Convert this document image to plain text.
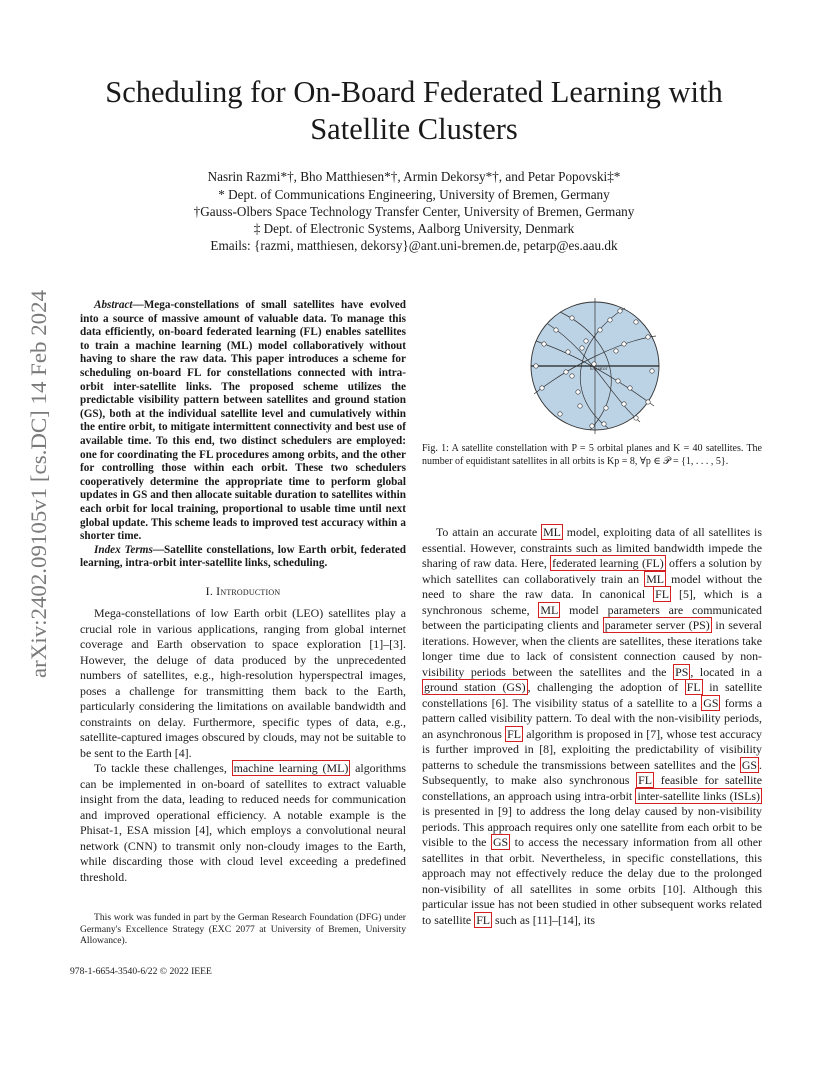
Scheduling for On-Board Federated Learning with
Satellite Clusters
Nasrin Razmi*†, Bho Matthiesen*†, Armin Dekorsy*†, and Petar Popovski‡*
* Dept. of Communications Engineering, University of Bremen, Germany
†Gauss-Olbers Space Technology Transfer Center, University of Bremen, Germany
‡ Dept. of Electronic Systems, Aalborg University, Denmark
Emails: {razmi, matthiesen, dekorsy}@ant.uni-bremen.de, petarp@es.aau.dk
arXiv:2402.09105v1 [cs.DC] 14 Feb 2024	Abstract—Mega-constellations of small satellites have evolved into a source of massive amount of valuable data. To manage this data efficiently, on-board federated learning (FL) enables satellites to train a machine learning (ML) model collaboratively without having to share the raw data. This paper introduces a scheme for scheduling on-board FL for constellations connected with intra-orbit inter-satellite links. The proposed scheme utilizes the predictable visibility pattern between satellites and ground station (GS), both at the individual satellite level and cumulatively within the entire orbit, to mitigate intermittent connectivity and best use of available time. To this end, two distinct schedulers are employed: one for coordinating the FL procedures among orbits, and the other for controlling those within each orbit. These two schedulers cooperatively determine the appropriate time to perform global updates in GS and then allocate suitable duration to satellites within each orbit for local training, proportional to usable time until next global update. This scheme leads to improved test accuracy within a shorter time.

Index Terms—Satellite constellations, low Earth orbit, federated learning, intra-orbit inter-satellite links, scheduling.

I. Introduction

Mega-constellations of low Earth orbit (LEO) satellites play a crucial role in various applications, ranging from global internet coverage and Earth observation to space exploration [1]–[3]. However, the deluge of data produced by the unprecedented numbers of satellites, e.g., high-resolution hyperspectral images, poses a challenge for transmitting them back to the Earth, particularly considering the limitations on available bandwidth and constraints on delay. Furthermore, specific types of data, e.g., satellite-captured images obscured by clouds, may not be suitable to be sent to the Earth [4].

To tackle these challenges, machine learning (ML) algorithms can be implemented in on-board of satellites to extract valuable insight from the data, leading to reduced needs for communication and improved operational efficiency. A notable example is the Phisat-1, ESA mission [4], which employs a convolutional neural network (CNN) to transmit only non-cloudy images to the Earth, while discarding those with cloud level exceeding a predefined threshold.

This work was funded in part by the German Research Foundation (DFG) under Germany's Excellence Strategy (EXC 2077 at University of Bremen, University Allowance).

978-1-6654-3540-6/22 © 2022 IEEE
Equator
Fig. 1: A satellite constellation with P = 5 orbital planes and K = 40 satellites. The number of equidistant satellites in all orbits is Kp = 8, ∀p ∈ 𝒫 = {1, . . . , 5}.

To attain an accurate ML model, exploiting data of all satellites is essential. However, constraints such as limited bandwidth impede the sharing of raw data. Here, federated learning (FL) offers a solution by which satellites can collaboratively train an ML model without the need to share the raw data. In canonical FL [5], which is a synchronous scheme, ML model parameters are communicated between the participating clients and parameter server (PS) in several iterations. However, when the clients are satellites, these iterations take longer time due to lack of consistent connection caused by non-visibility periods between the satellites and the PS , located in a ground station (GS) , challenging the adoption of FL in satellite constellations [6]. The visibility status of a satellite to a GS forms a pattern called visibility pattern. To deal with the non-visibility periods, an asynchronous FL algorithm is proposed in [7], whose test accuracy is further improved in [8], exploiting the predictability of visibility patterns to schedule the transmissions between satellites and the GS . Subsequently, to make also synchronous FL feasible for satellite constellations, an approach using intra-orbit inter-satellite links (ISLs) is presented in [9] to address the long delay caused by non-visibility periods. This approach requires only one satellite from each orbit to be visible to the GS to access the necessary information from all other satellites in that orbit. Nevertheless, in specific constellations, this approach may not effectively reduce the delay due to the prolonged non-visibility of all satellites in some orbits [10]. Although this particular issue has not been studied in other subsequent works related to satellite FL such as [11]–[14], its
